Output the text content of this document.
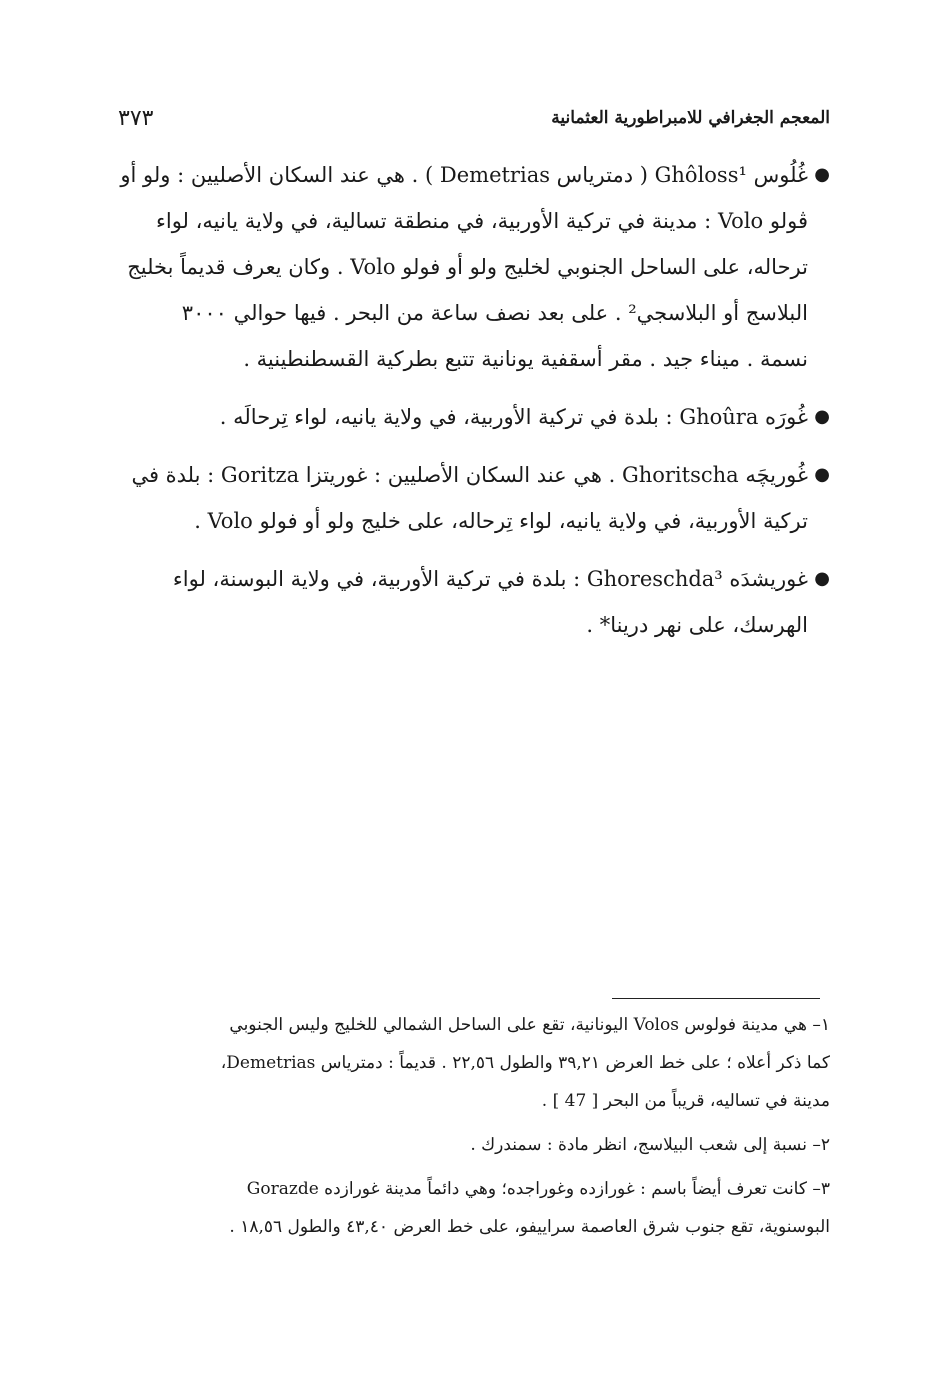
المعجم الجغرافي للامبراطورية العثمانية
٣٧٣
●

غُلُوس Ghôloss¹ ( دمترياس Demetrias ) . هي عند السكان الأصليين : ولو أو

ڤولو Volo : مدينة في تركية الأوربية، في منطقة تسالية، في ولاية يانيه، لواء

ترحاله، على الساحل الجنوبي لخليج ولو أو فولو Volo . وكان يعرف قديماً بخليج

البلاسج أو البلاسجي² . على بعد نصف ساعة من البحر . فيها حوالي ٣٠٠٠

نسمة . ميناء جيد . مقر أسقفية يونانية تتبع بطركية القسطنطينية .

●

غُورَه Ghoûra : بلدة في تركية الأوربية، في ولاية يانيه، لواء تِرحالَه .

●

غُوريچَه Ghoritscha . هي عند السكان الأصليين : غوريتزا Goritza : بلدة في

تركية الأوربية، في ولاية يانيه، لواء تِرحاله، على خليج ولو أو فولو Volo .

●

غوريشدَه Ghoreschda³ : بلدة في تركية الأوربية، في ولاية البوسنة، لواء

الهرسك، على نهر درينا* .

١– هي مدينة فولوس Volos اليونانية، تقع على الساحل الشمالي للخليج وليس الجنوبي
كما ذكر أعلاه ؛ على خط العرض ٣٩,٢١ والطول ٢٢,٥٦ . قديماً : دمترياس Demetrias،
مدينة في تساليه، قريباً من البحر [ 47 ] .
٢– نسبة إلى شعب البيلاسج، انظر مادة : سمندرك .
٣– كانت تعرف أيضاً باسم : غورازده وغوراجده؛ وهي دائماً مدينة غورازده Gorazde
البوسنوية، تقع جنوب شرق العاصمة سراييفو، على خط العرض ٤٣,٤٠ والطول ١٨,٥٦ .
